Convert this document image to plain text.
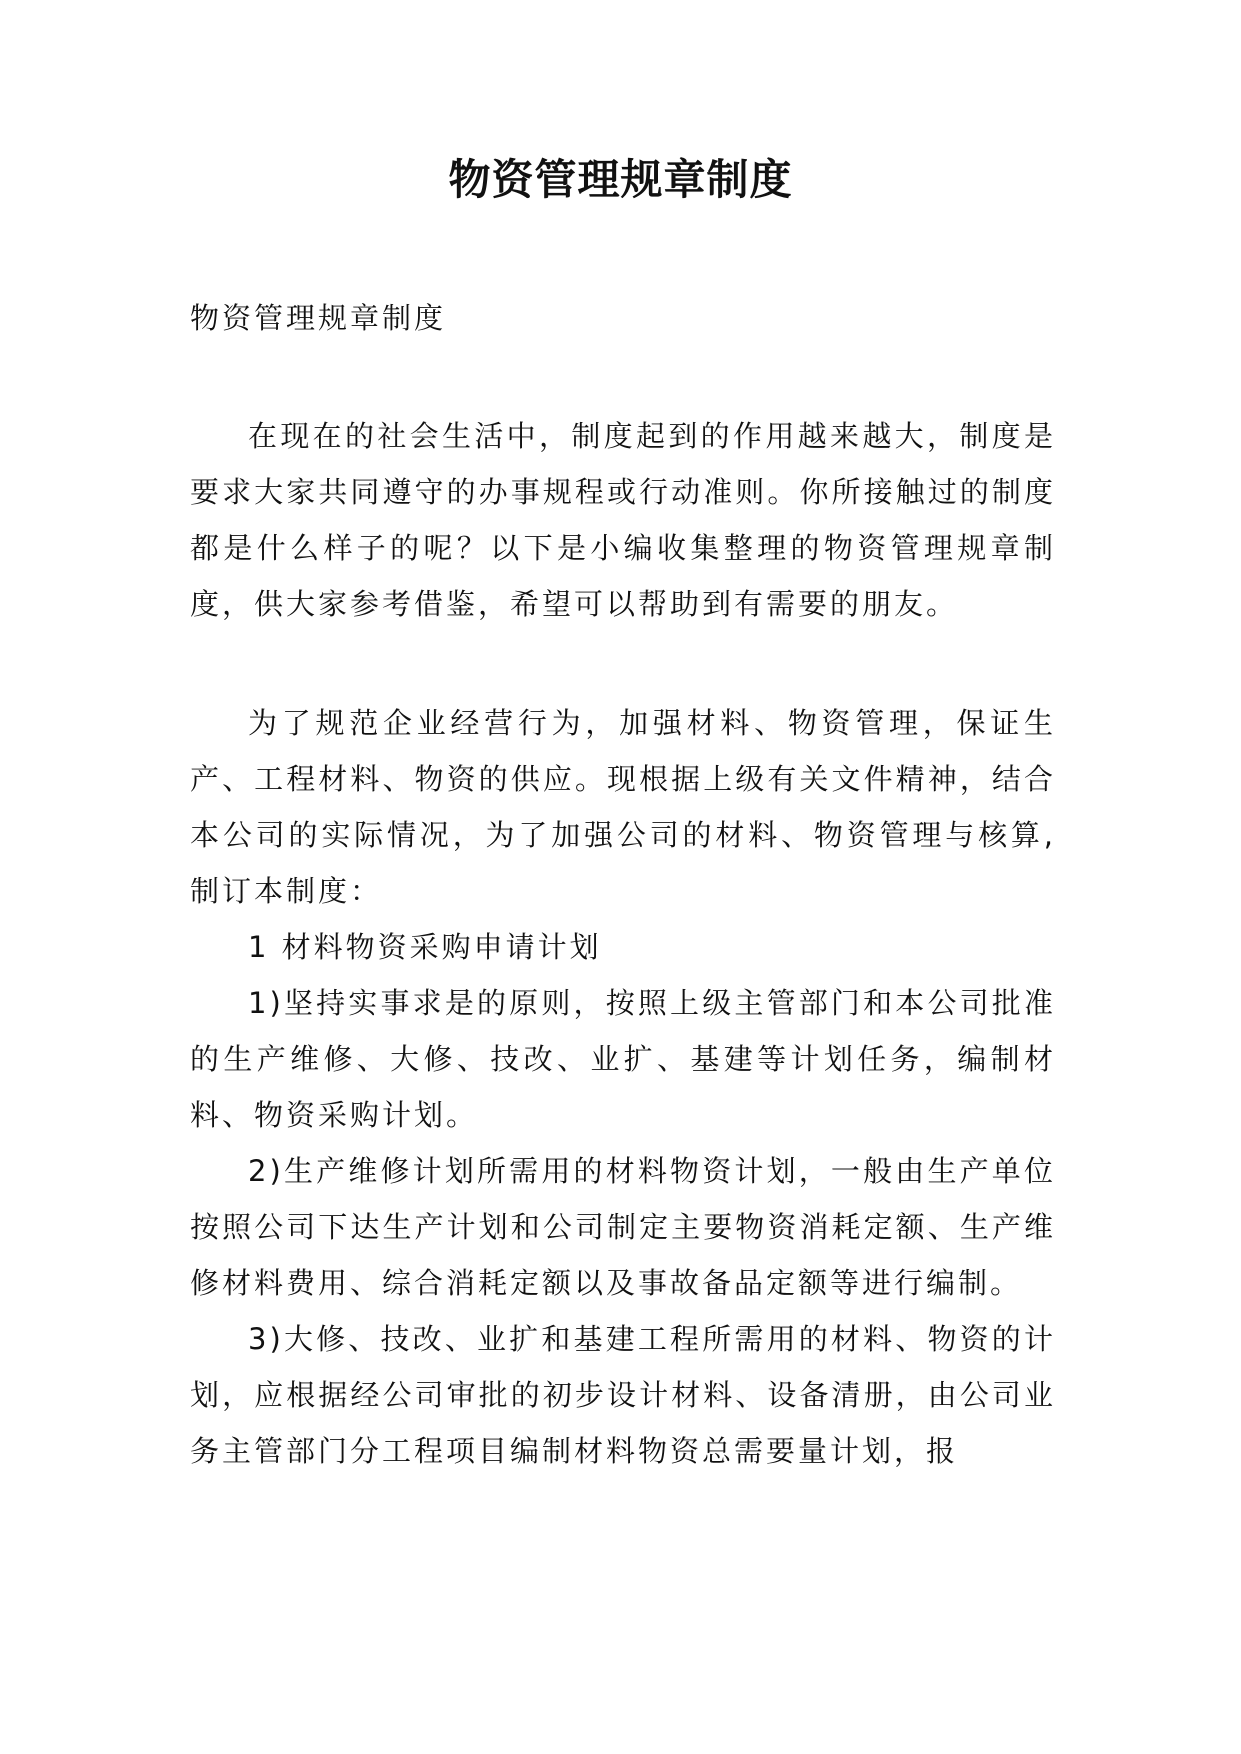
物资管理规章制度

物资管理规章制度

在现在的社会生活中，制度起到的作用越来越大，制度是要求大家共同遵守的办事规程或行动准则。你所接触过的制度都是什么样子的呢？以下是小编收集整理的物资管理规章制度，供大家参考借鉴，希望可以帮助到有需要的朋友。

为了规范企业经营行为，加强材料、物资管理，保证生产、工程材料、物资的供应。现根据上级有关文件精神，结合本公司的实际情况，为了加强公司的材料、物资管理与核算,制订本制度：

1 材料物资采购申请计划

1)坚持实事求是的原则，按照上级主管部门和本公司批准的生产维修、大修、技改、业扩、基建等计划任务，编制材料、物资采购计划。

2)生产维修计划所需用的材料物资计划，一般由生产单位按照公司下达生产计划和公司制定主要物资消耗定额、生产维修材料费用、综合消耗定额以及事故备品定额等进行编制。

3)大修、技改、业扩和基建工程所需用的材料、物资的计划，应根据经公司审批的初步设计材料、设备清册，由公司业务主管部门分工程项目编制材料物资总需要量计划，报
